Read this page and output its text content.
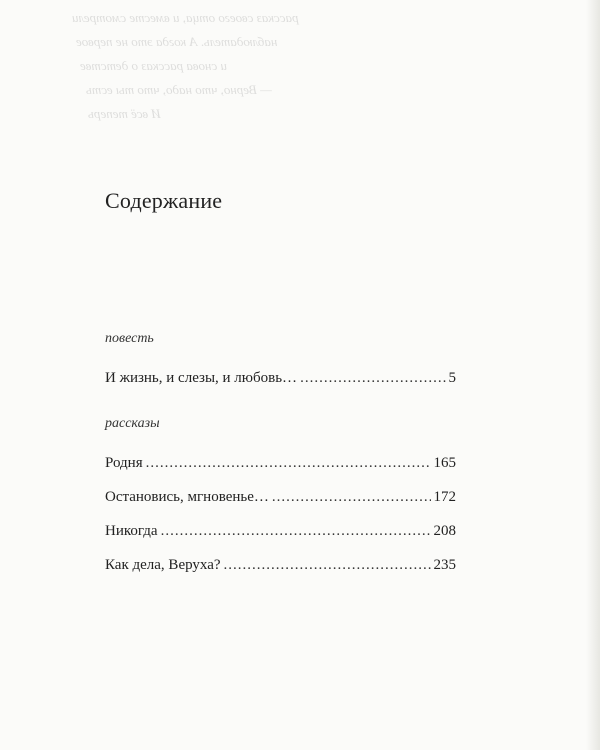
рассказ своего отца, и вместе смотрели
наблюдатель. А когда это не первое
и снова рассказ о детстве
— Верно, что надо, что ты есть
И всё теперь
Содержание
повесть
И жизнь, и слезы, и любовь… .....	5
рассказы
Родня .....	165
Остановись, мгновенье… .....	172
Никогда .....	208
Как дела, Веруха? .....	235
